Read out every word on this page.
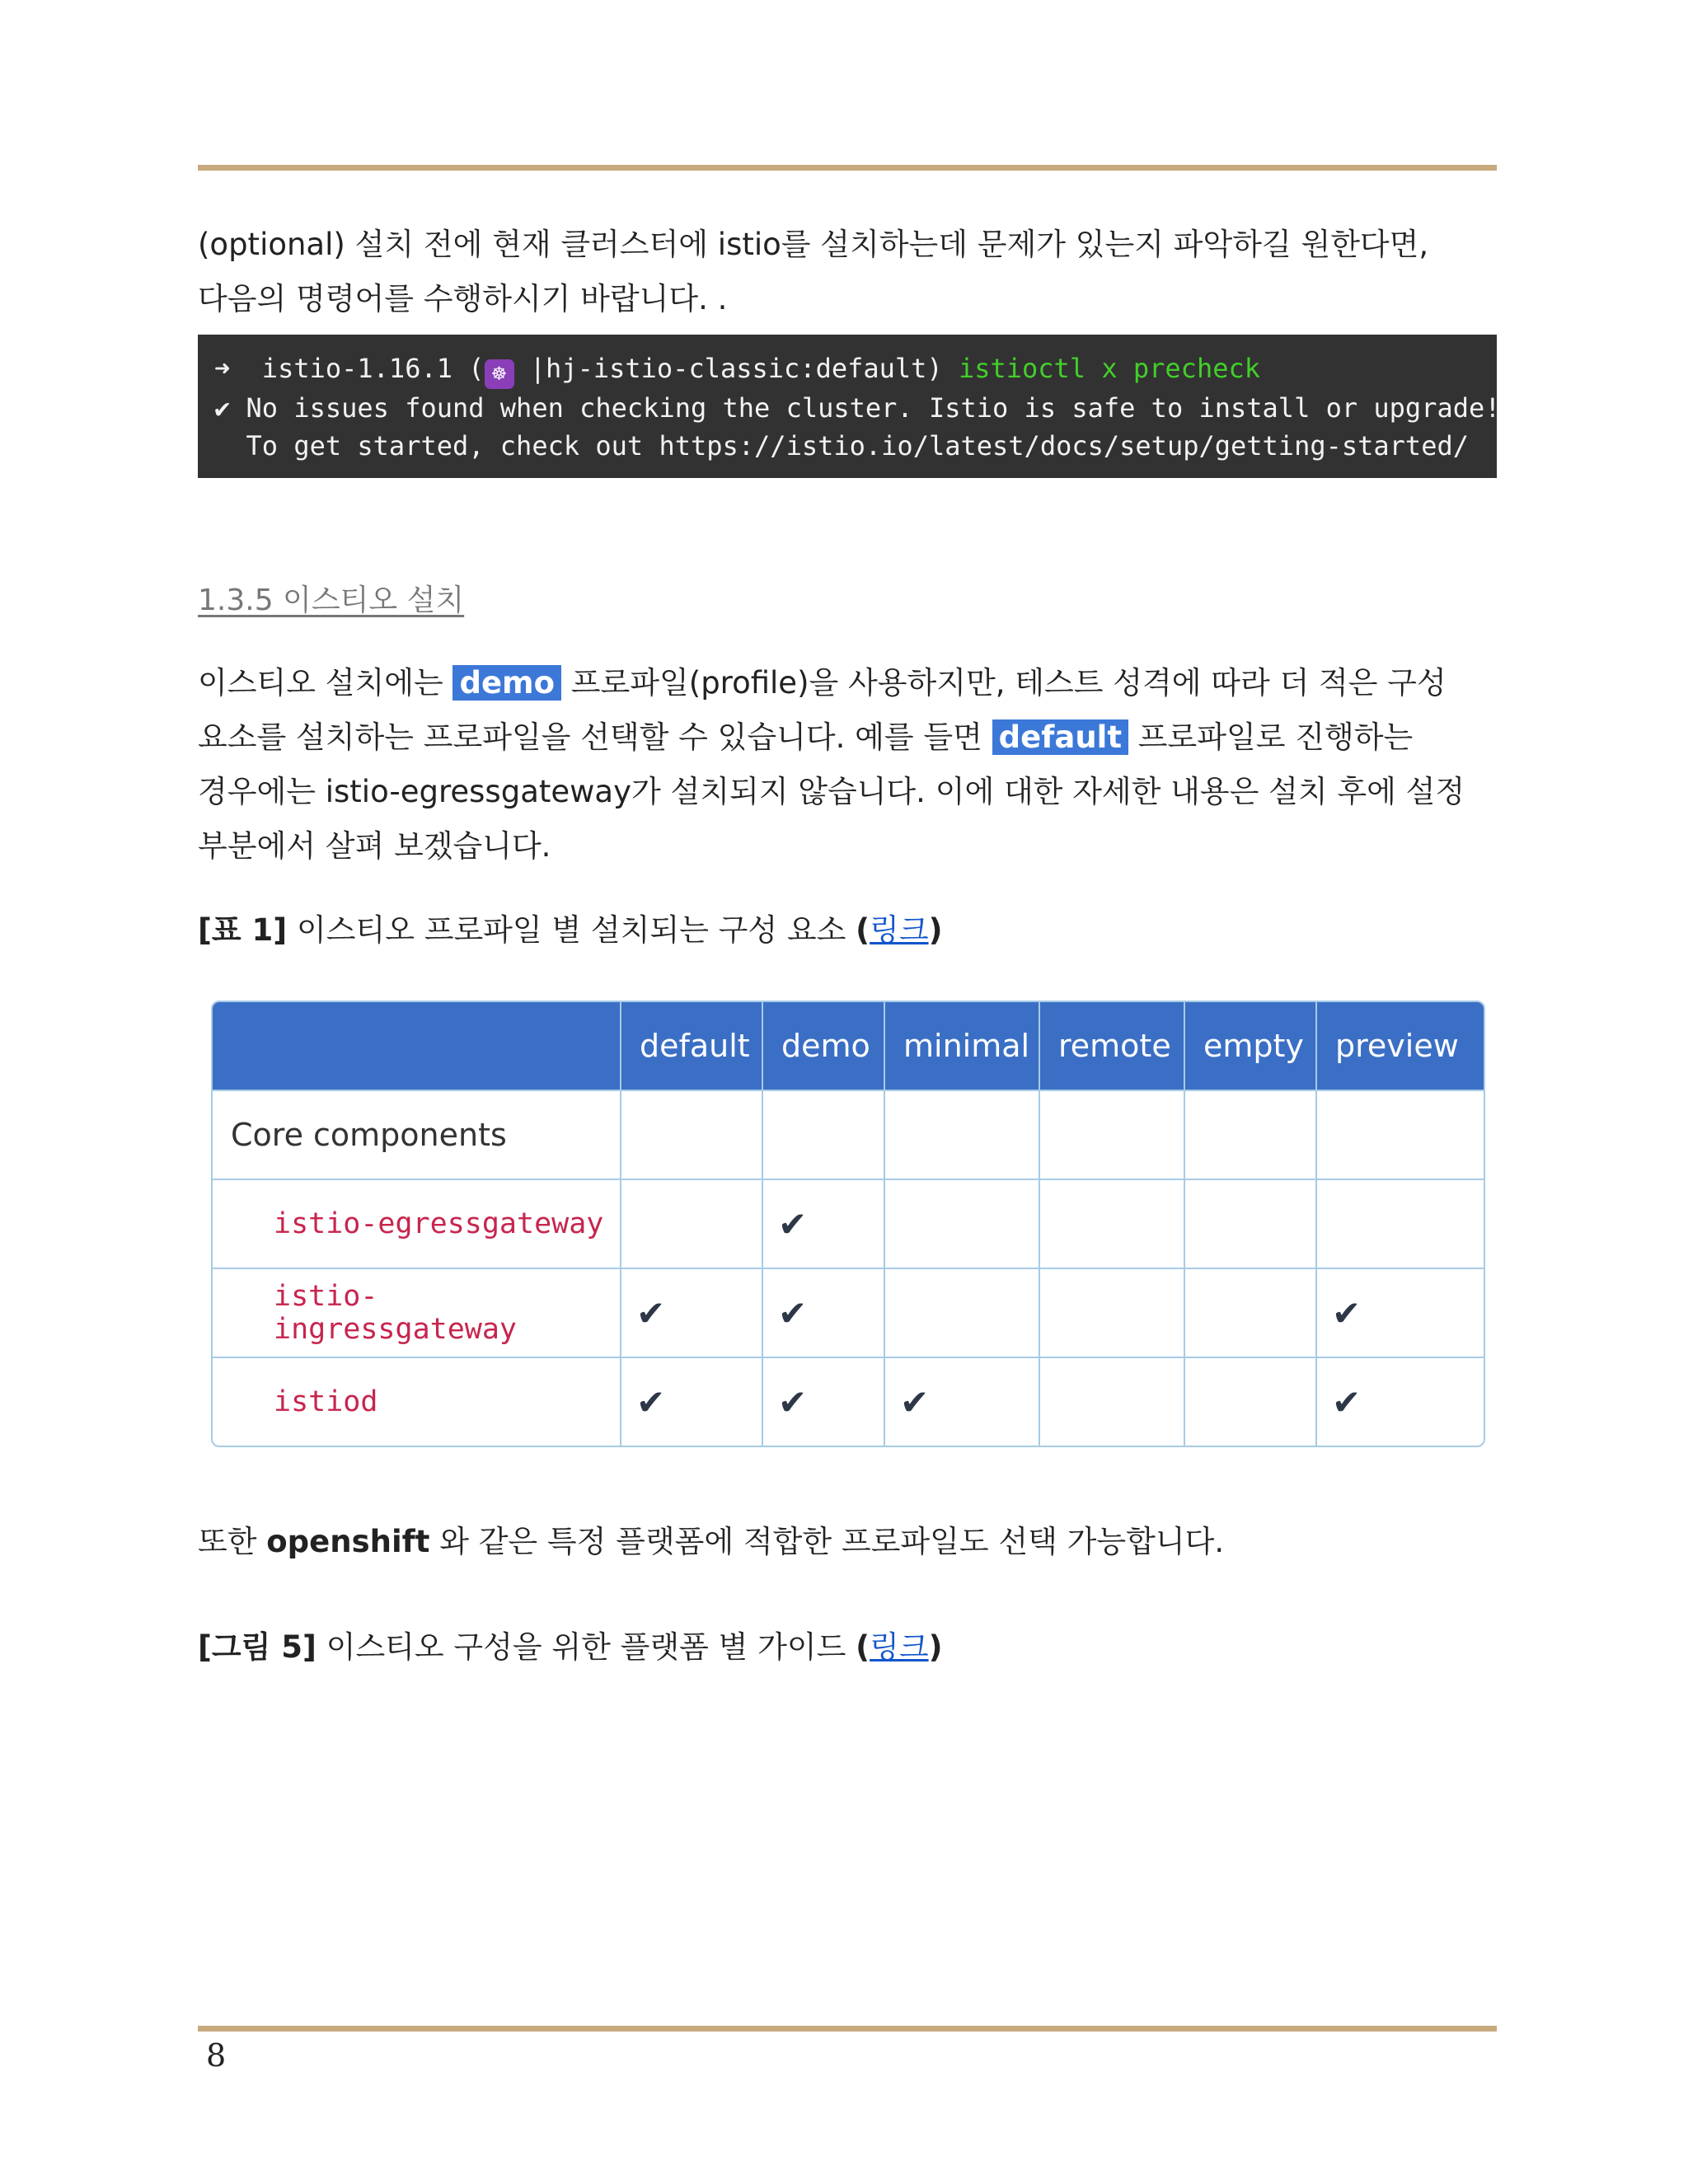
(optional) 설치 전에 현재 클러스터에 istio를 설치하는데 문제가 있는지 파악하길 원한다면,
다음의 명령어를 수행하시기 바랍니다. .
➜ istio-1.16.1 ( ☸ |hj-istio-classic:default) istioctl x precheck
✔ No issues found when checking the cluster. Istio is safe to install or upgrade!
To get started, check out https://istio.io/latest/docs/setup/getting-started/
1.3.5 이스티오 설치
이스티오 설치에는 demo 프로파일(profile)을 사용하지만, 테스트 성격에 따라 더 적은 구성
요소를 설치하는 프로파일을 선택할 수 있습니다. 예를 들면 default 프로파일로 진행하는
경우에는 istio-egressgateway가 설치되지 않습니다. 이에 대한 자세한 내용은 설치 후에 설정
부분에서 살펴 보겠습니다.
[표 1] 이스티오 프로파일 별 설치되는 구성 요소 (링크)
	default	demo	minimal	remote	empty	preview
Core components						
istio-egressgateway		✔				
istio-ingressgateway	✔	✔				✔
istiod	✔	✔	✔			✔
또한 openshift 와 같은 특정 플랫폼에 적합한 프로파일도 선택 가능합니다.
[그림 5] 이스티오 구성을 위한 플랫폼 별 가이드 (링크)
8
